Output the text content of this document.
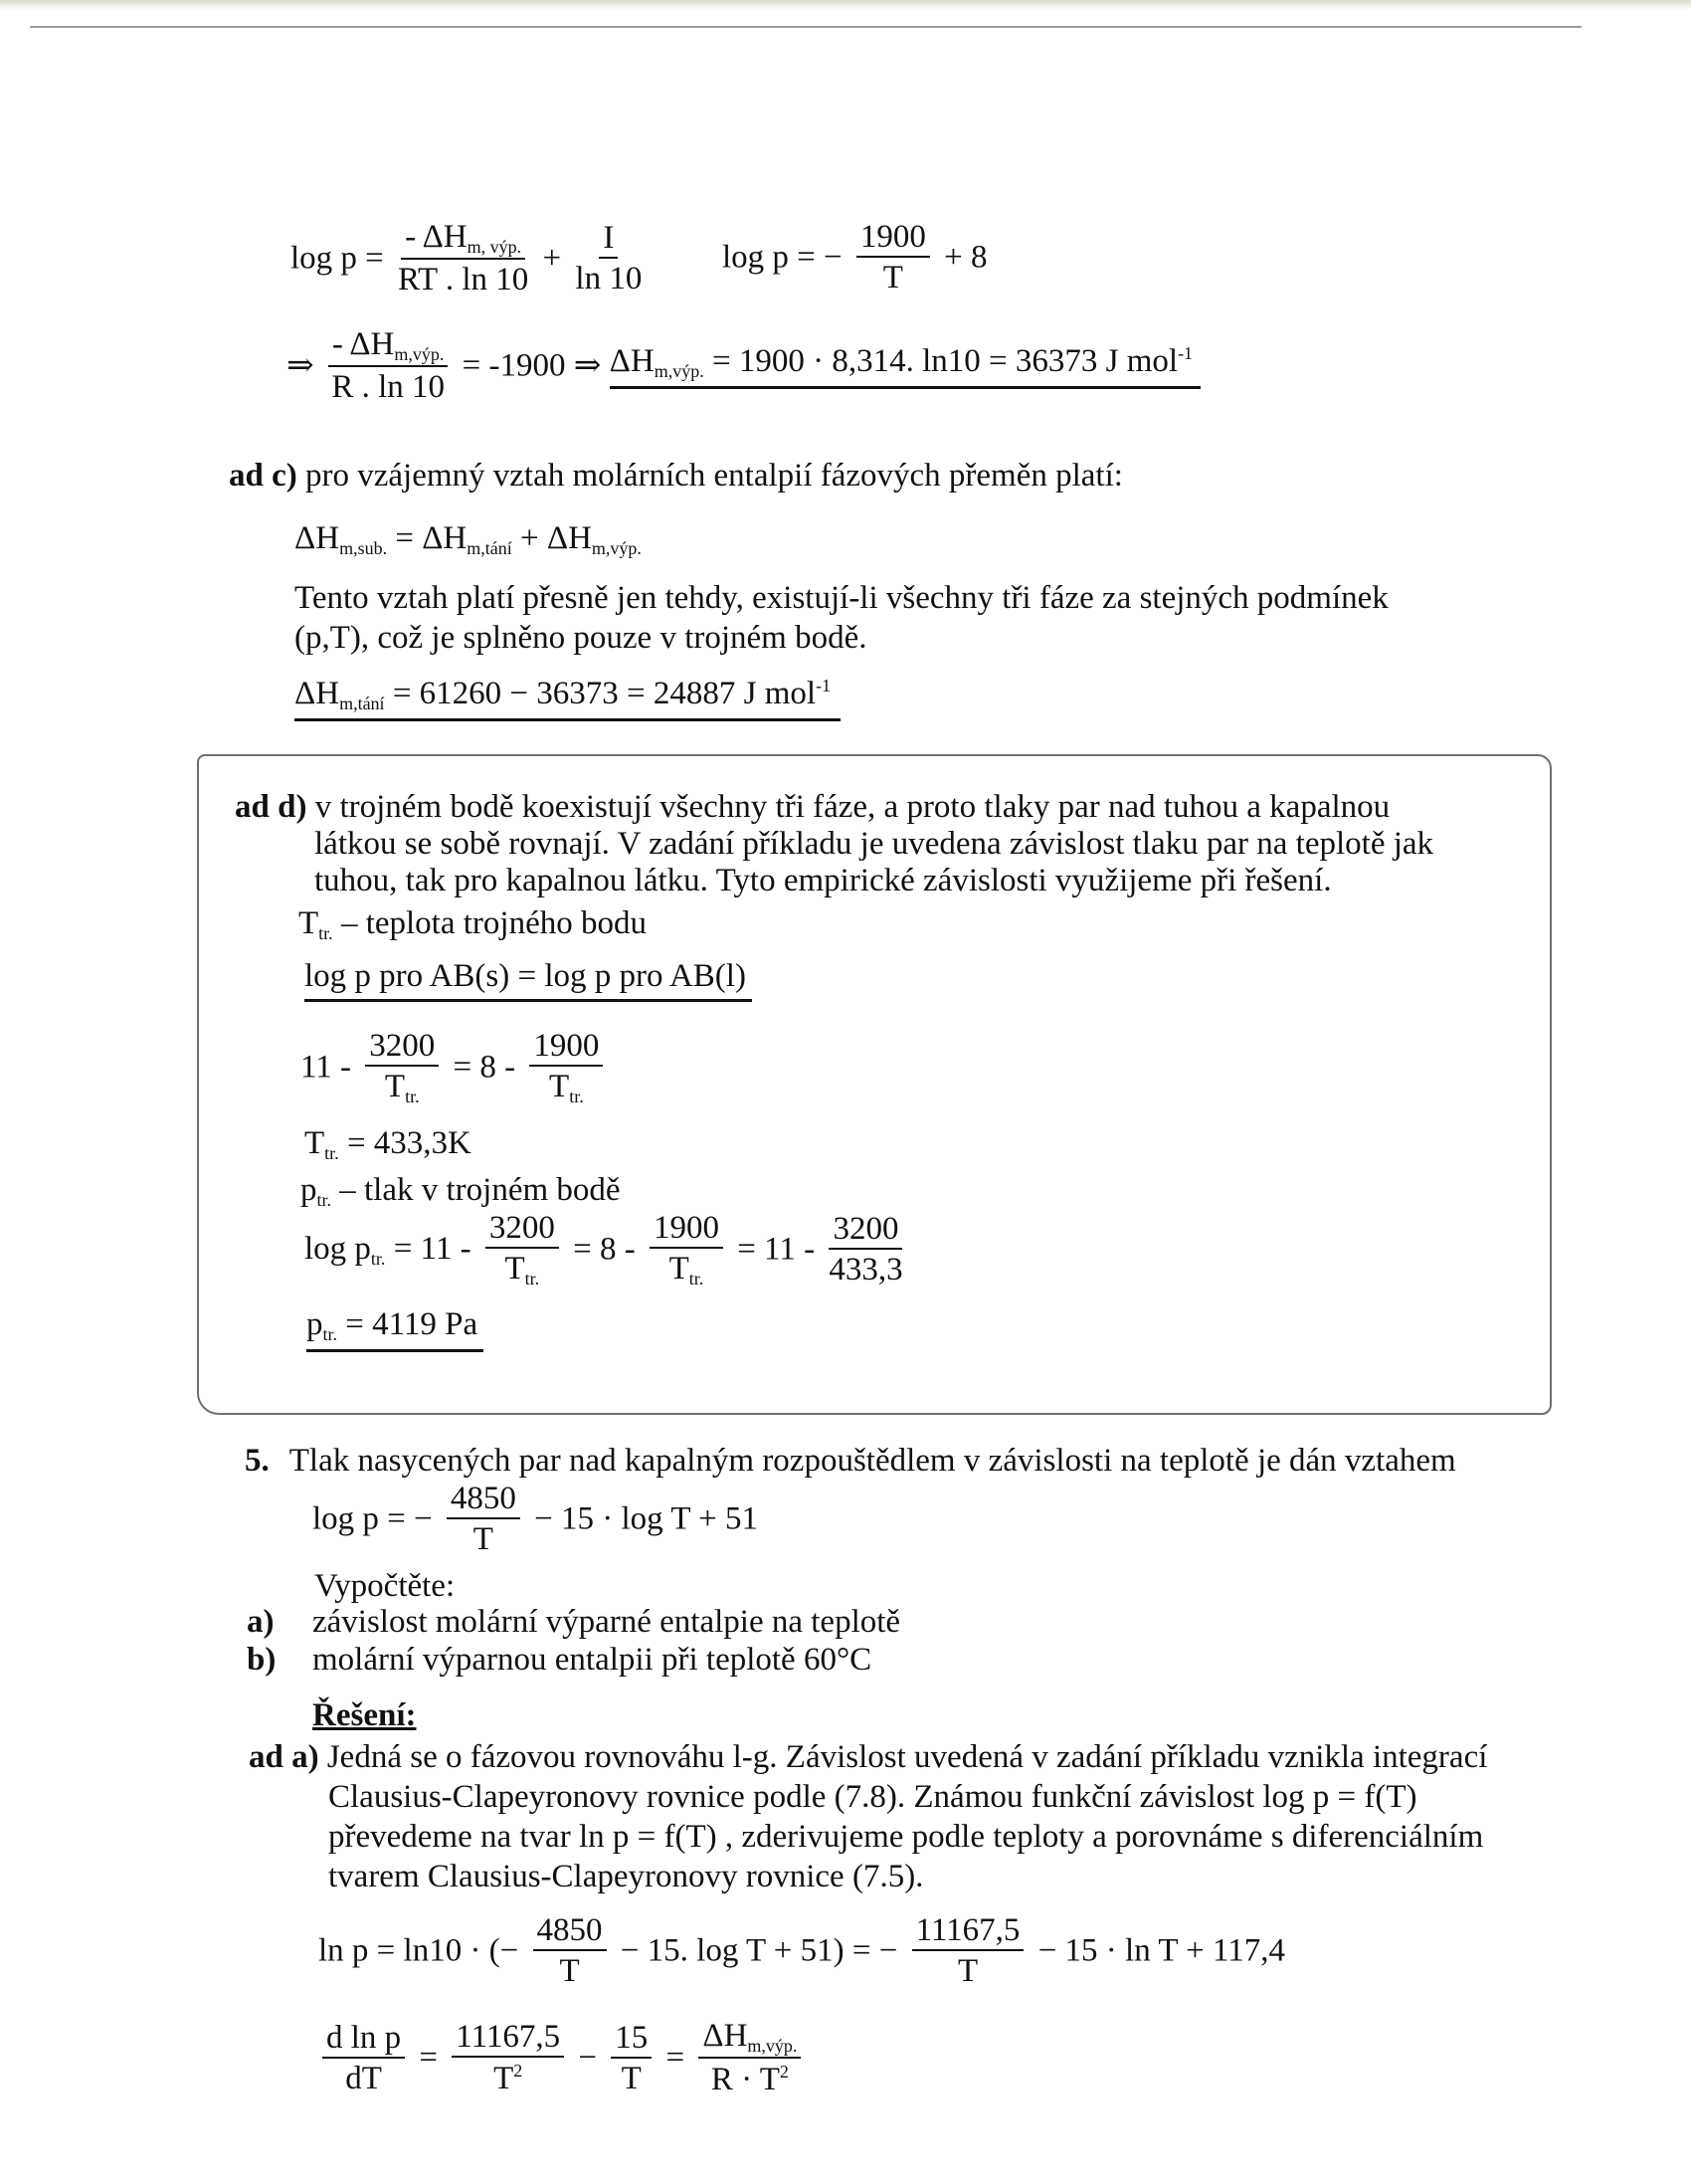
$\log p = \frac{- \Delta H_{m, výp.}}{RT . \ln 10} + \frac{I}{\ln 10}$ log p = − $\frac{1900}{T} + 8$
⇒ $\frac{- \Delta H_{m,výp.}}{R . \ln 10} = -1900$ ⇒ $\Delta H_{m,výp.} = 1900 \cdot 8,314$. ln10 = 36373 J mol$^{-1}$
ad c) pro vzájemný vztah molárních entalpií fázových přeměn platí:
$\Delta H_{m,sub.} = \Delta H_{m,tání} + \Delta H_{m,výp.}$
Tento vztah platí přesně jen tehdy, existují-li všechny tři fáze za stejných podmínek
(p,T), což je splněno pouze v trojném bodě.
$\Delta H_{m,tání} = 61260 - 36373 = 24887$ J mol$^{-1}$
ad d) v trojném bodě koexistují všechny tři fáze, a proto tlaky par nad tuhou a kapalnou
látkou se sobě rovnají. V zadání příkladu je uvedena závislost tlaku par na teplotě jak
tuhou, tak pro kapalnou látku. Tyto empirické závislosti využijeme při řešení.
$T_{tr.}$ – teplota trojného bodu
log p pro AB(s) = log p pro AB(l)
$11 - \frac{3200}{T_{tr.}} = 8 - \frac{1900}{T_{tr.}}$
$T_{tr.} = 433,3K$
$p_{tr.}$ – tlak v trojném bodě
$\log p_{tr.} = 11 - \frac{3200}{T_{tr.}} = 8 - \frac{1900}{T_{tr.}} = 11 - \frac{3200}{433,3}$
$p_{tr.} = 4119$ Pa
5. Tlak nasycených par nad kapalným rozpouštědlem v závislosti na teplotě je dán vztahem
log p = − $\frac{4850}{T} - 15 \cdot \log T + 51$
Vypočtěte:
a) závislost molární výparné entalpie na teplotě
b) molární výparnou entalpii při teplotě 60°C
Řešení:
ad a) Jedná se o fázovou rovnováhu l-g. Závislost uvedená v zadání příkladu vznikla integrací
Clausius-Clapeyronovy rovnice podle (7.8). Známou funkční závislost log p = f(T)
převedeme na tvar ln p = f(T) , zderivujeme podle teploty a porovnáme s diferenciálním
tvarem Clausius-Clapeyronovy rovnice (7.5).
ln p = ln10 · (− $\frac{4850}{T} - 15$. log T + 51) = − $\frac{11167,5}{T} - 15 \cdot \ln T + 117,4$
$\frac{\text{d ln p}}{dT} = \frac{11167,5}{T^2} - \frac{15}{T} = \frac{\Delta H_{m,výp.}}{R \cdot T^2}$
